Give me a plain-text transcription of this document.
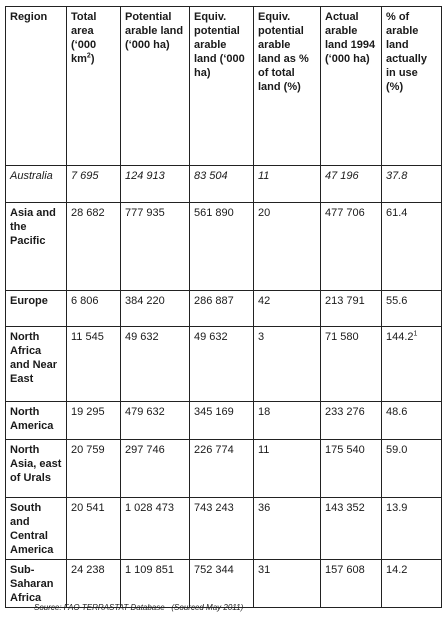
Region	Total area (‘000 $km^2$)	Potential arable land (‘000 ha)	Equiv. potential arable land (‘000 ha)	Equiv. potential arable land as % of total land (%)	Actual arable land 1994 (‘000 ha)	% of arable land actually in use (%)
Australia	7 695	124 913	83 504	11	47 196	37.8
Asia and the Pacific	28 682	777 935	561 890	20	477 706	61.4
Europe	6 806	384 220	286 887	42	213 791	55.6
North Africa and Near East	11 545	49 632	49 632	3	71 580	144.2$^1$
North America	19 295	479 632	345 169	18	233 276	48.6
North Asia, east of Urals	20 759	297 746	226 774	11	175 540	59.0
South and Central America	20 541	1 028 473	743 243	36	143 352	13.9
Sub-Saharan Africa	24 238	1 109 851	752 344	31	157 608	14.2
Source: FAO TERRASTAT Database   (Sourced May 2011)
